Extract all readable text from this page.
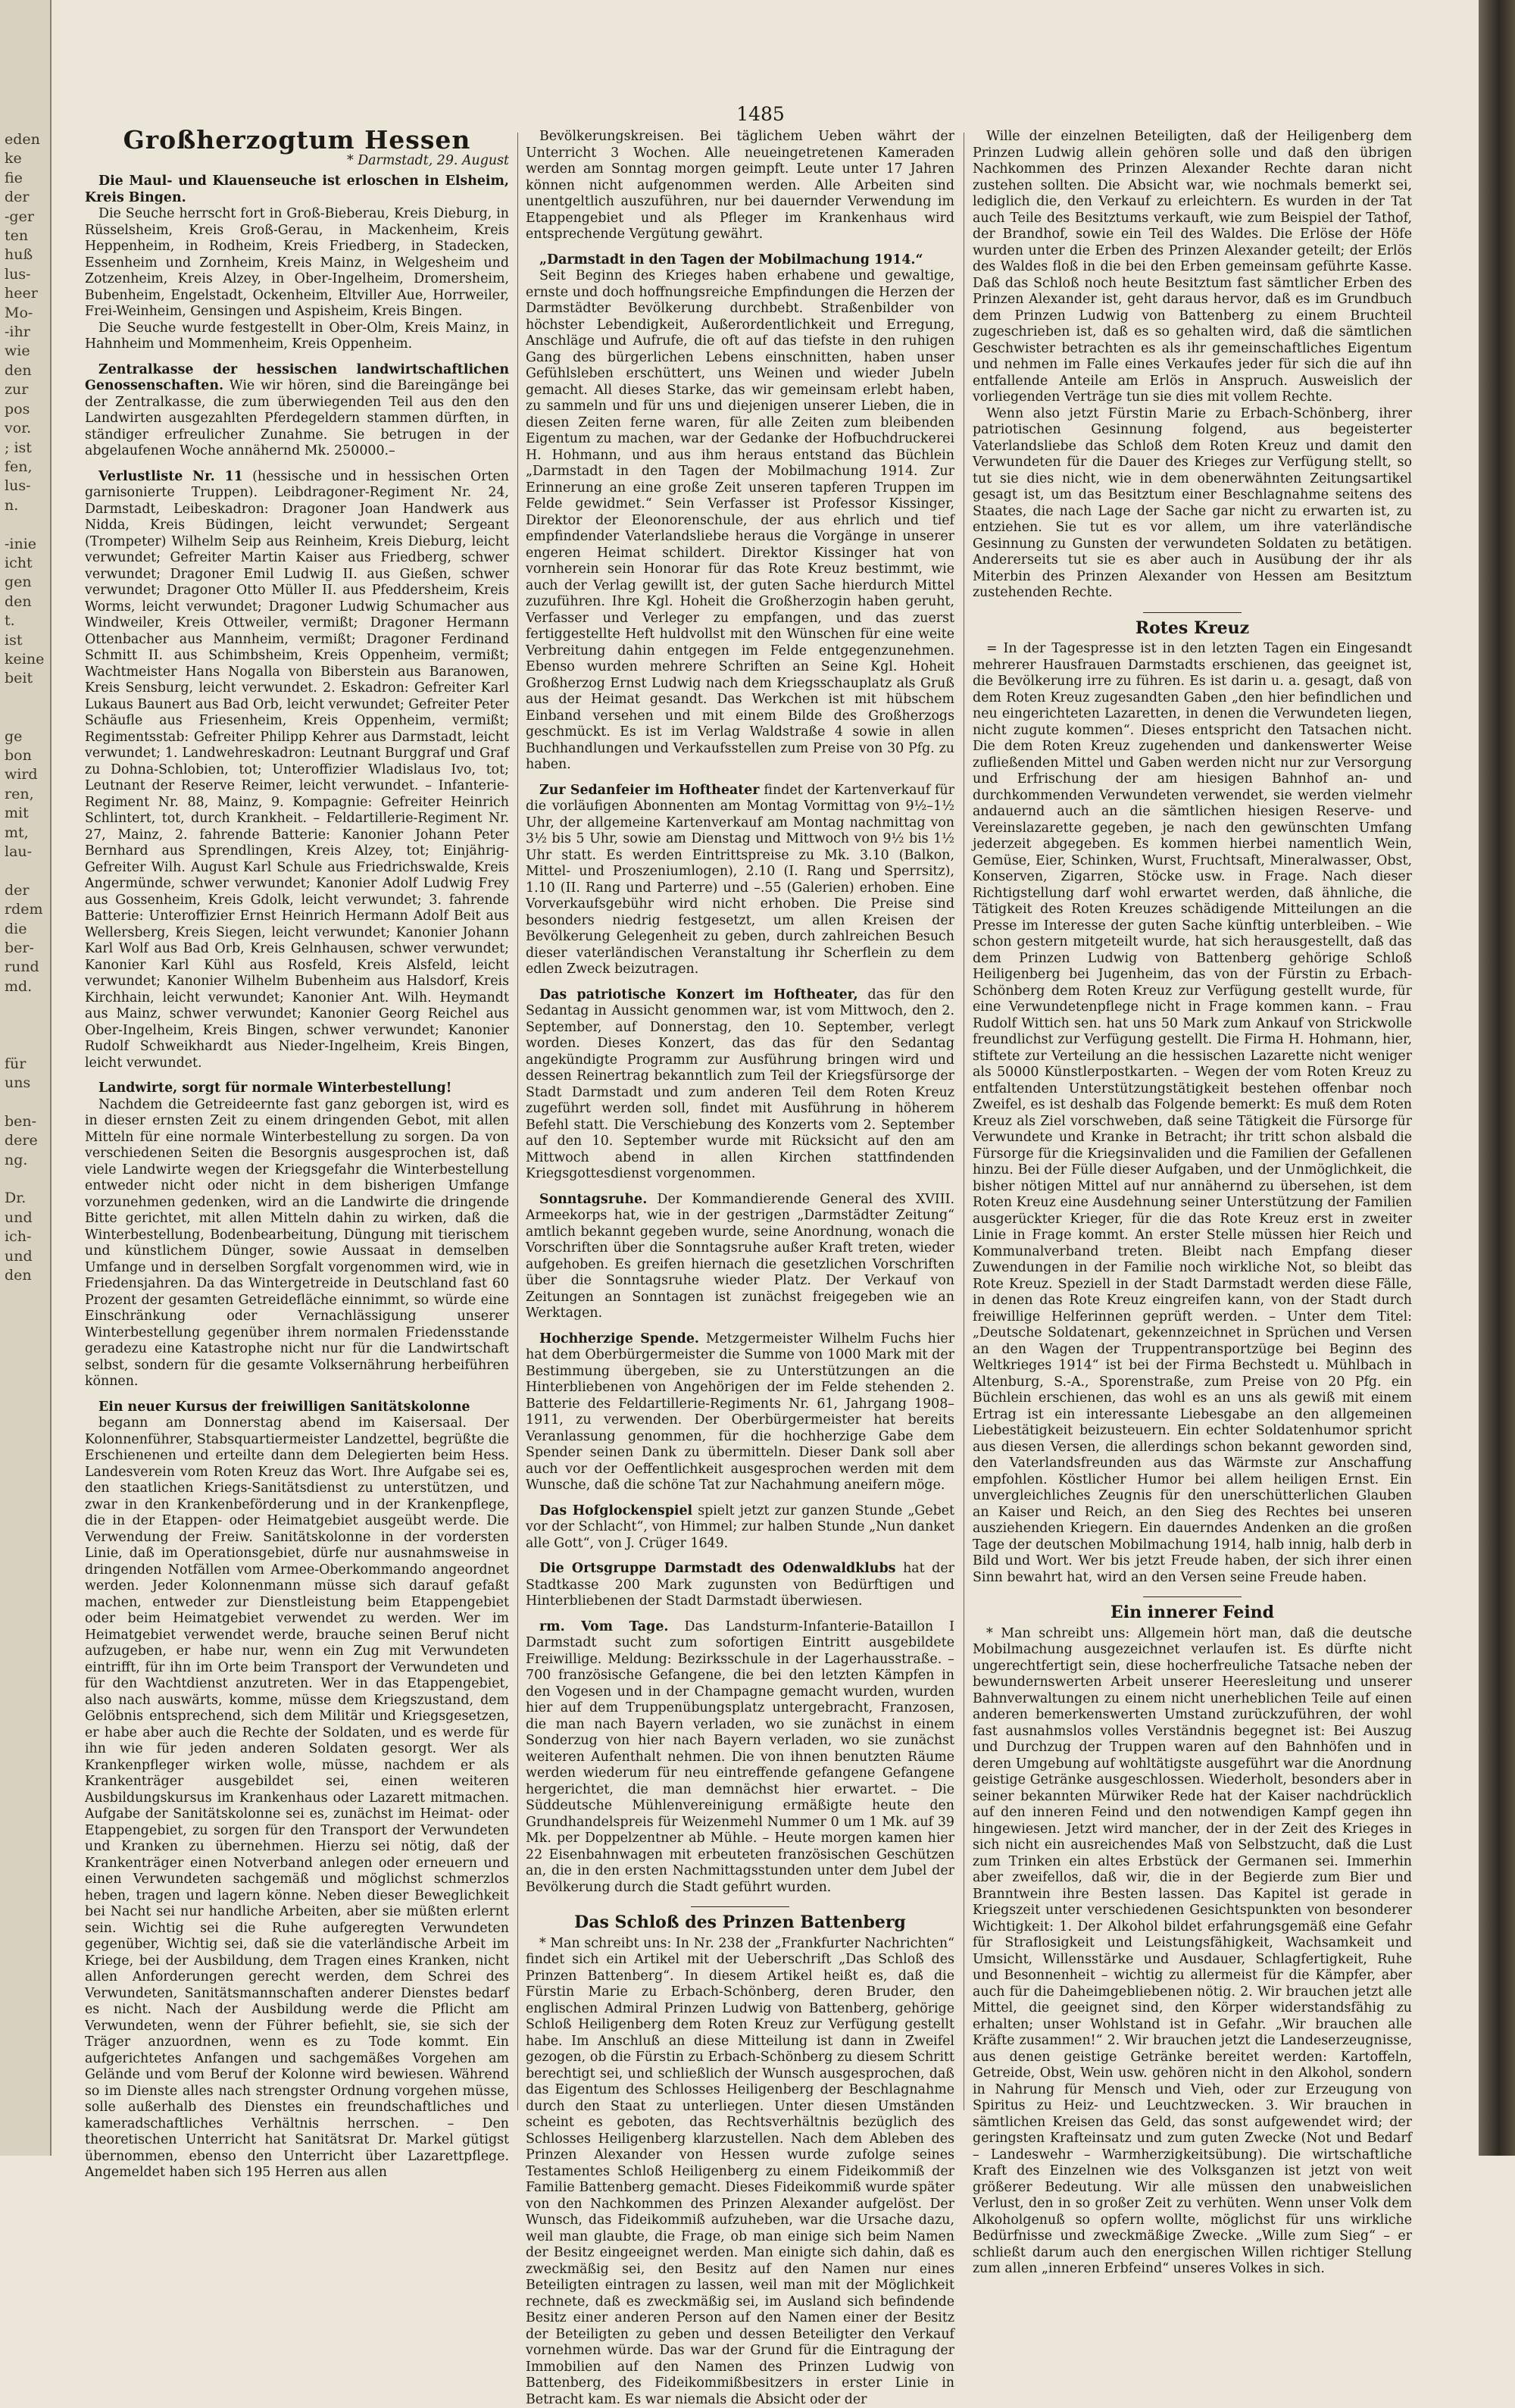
eden
ke
fie
der
-ger
ten
huß
lus-
heer
Mo-
-ihr
wie
den
zur
pos
vor.
; ist
fen,
lus-
n.

-inie
icht
gen
den
t.
ist
keine
beit

ge
bon
wird
ren,
mit
mt,
lau-

der
rdem
die
ber-
rund
md.

für
uns

ben-
dere
ng.

Dr.
und
ich-
und
den
1485
Großherzogtum Hessen
* Darmstadt, 29. August

Die Maul- und Klauenseuche ist erloschen in Elsheim, Kreis Bingen.

Die Seuche herrscht fort in Groß-Bieberau, Kreis Dieburg, in Rüsselsheim, Kreis Groß-Gerau, in Mackenheim, Kreis Heppenheim, in Rodheim, Kreis Friedberg, in Stadecken, Essenheim und Zornheim, Kreis Mainz, in Welgesheim und Zotzenheim, Kreis Alzey, in Ober-Ingelheim, Dromersheim, Bubenheim, Engelstadt, Ockenheim, Eltviller Aue, Horrweiler, Frei-Weinheim, Gensingen und Aspisheim, Kreis Bingen.

Die Seuche wurde festgestellt in Ober-Olm, Kreis Mainz, in Hahnheim und Mommenheim, Kreis Oppenheim.

Zentralkasse der hessischen landwirtschaftlichen Genossenschaften. Wie wir hören, sind die Bareingänge bei der Zentralkasse, die zum überwiegenden Teil aus den den Landwirten ausgezahlten Pferdegeldern stammen dürften, in ständiger erfreulicher Zunahme. Sie betrugen in der abgelaufenen Woche annähernd Mk. 250000.–

Verlustliste Nr. 11 (hessische und in hessischen Orten garnisonierte Truppen). Leibdragoner-Regiment Nr. 24, Darmstadt, Leibeskadron: Dragoner Joan Handwerk aus Nidda, Kreis Büdingen, leicht verwundet; Sergeant (Trompeter) Wilhelm Seip aus Reinheim, Kreis Dieburg, leicht verwundet; Gefreiter Martin Kaiser aus Friedberg, schwer verwundet; Dragoner Emil Ludwig II. aus Gießen, schwer verwundet; Dragoner Otto Müller II. aus Pfeddersheim, Kreis Worms, leicht verwundet; Dragoner Ludwig Schumacher aus Windweiler, Kreis Ottweiler, vermißt; Dragoner Hermann Ottenbacher aus Mannheim, vermißt; Dragoner Ferdinand Schmitt II. aus Schimbsheim, Kreis Oppenheim, vermißt; Wachtmeister Hans Nogalla von Biberstein aus Baranowen, Kreis Sensburg, leicht verwundet. 2. Eskadron: Gefreiter Karl Lukaus Baunert aus Bad Orb, leicht verwundet; Gefreiter Peter Schäufle aus Friesenheim, Kreis Oppenheim, vermißt; Regimentsstab: Gefreiter Philipp Kehrer aus Darmstadt, leicht verwundet; 1. Landwehreskadron: Leutnant Burggraf und Graf zu Dohna-Schlobien, tot; Unteroffizier Wladislaus Ivo, tot; Leutnant der Reserve Reimer, leicht verwundet. – Infanterie-Regiment Nr. 88, Mainz, 9. Kompagnie: Gefreiter Heinrich Schlintert, tot, durch Krankheit. – Feldartillerie-Regiment Nr. 27, Mainz, 2. fahrende Batterie: Kanonier Johann Peter Bernhard aus Sprendlingen, Kreis Alzey, tot; Einjährig-Gefreiter Wilh. August Karl Schule aus Friedrichswalde, Kreis Angermünde, schwer verwundet; Kanonier Adolf Ludwig Frey aus Gossenheim, Kreis Gdolk, leicht verwundet; 3. fahrende Batterie: Unteroffizier Ernst Heinrich Hermann Adolf Beit aus Wellersberg, Kreis Siegen, leicht verwundet; Kanonier Johann Karl Wolf aus Bad Orb, Kreis Gelnhausen, schwer verwundet; Kanonier Karl Kühl aus Rosfeld, Kreis Alsfeld, leicht verwundet; Kanonier Wilhelm Bubenheim aus Halsdorf, Kreis Kirchhain, leicht verwundet; Kanonier Ant. Wilh. Heymandt aus Mainz, schwer verwundet; Kanonier Georg Reichel aus Ober-Ingelheim, Kreis Bingen, schwer verwundet; Kanonier Rudolf Schweikhardt aus Nieder-Ingelheim, Kreis Bingen, leicht verwundet.

Landwirte, sorgt für normale Winterbestellung!

Nachdem die Getreideernte fast ganz geborgen ist, wird es in dieser ernsten Zeit zu einem dringenden Gebot, mit allen Mitteln für eine normale Winterbestellung zu sorgen. Da von verschiedenen Seiten die Besorgnis ausgesprochen ist, daß viele Landwirte wegen der Kriegsgefahr die Winterbestellung entweder nicht oder nicht in dem bisherigen Umfange vorzunehmen gedenken, wird an die Landwirte die dringende Bitte gerichtet, mit allen Mitteln dahin zu wirken, daß die Winterbestellung, Bodenbearbeitung, Düngung mit tierischem und künstlichem Dünger, sowie Aussaat in demselben Umfange und in derselben Sorgfalt vorgenommen wird, wie in Friedensjahren. Da das Wintergetreide in Deutschland fast 60 Prozent der gesamten Getreidefläche einnimmt, so würde eine Einschränkung oder Vernachlässigung unserer Winterbestellung gegenüber ihrem normalen Friedensstande geradezu eine Katastrophe nicht nur für die Landwirtschaft selbst, sondern für die gesamte Volksernährung herbeiführen können.

Ein neuer Kursus der freiwilligen Sanitätskolonne

begann am Donnerstag abend im Kaisersaal. Der Kolonnenführer, Stabsquartiermeister Landzettel, begrüßte die Erschienenen und erteilte dann dem Delegierten beim Hess. Landesverein vom Roten Kreuz das Wort. Ihre Aufgabe sei es, den staatlichen Kriegs-Sanitätsdienst zu unterstützen, und zwar in den Krankenbeförderung und in der Krankenpflege, die in der Etappen- oder Heimatgebiet ausgeübt werde. Die Verwendung der Freiw. Sanitätskolonne in der vordersten Linie, daß im Operationsgebiet, dürfe nur ausnahmsweise in dringenden Notfällen vom Armee-Oberkommando angeordnet werden. Jeder Kolonnenmann müsse sich darauf gefaßt machen, entweder zur Dienstleistung beim Etappengebiet oder beim Heimatgebiet verwendet zu werden. Wer im Heimatgebiet verwendet werde, brauche seinen Beruf nicht aufzugeben, er habe nur, wenn ein Zug mit Verwundeten eintrifft, für ihn im Orte beim Transport der Verwundeten und für den Wachtdienst anzutreten. Wer in das Etappengebiet, also nach auswärts, komme, müsse dem Kriegszustand, dem Gelöbnis entsprechend, sich dem Militär und Kriegsgesetzen, er habe aber auch die Rechte der Soldaten, und es werde für ihn wie für jeden anderen Soldaten gesorgt. Wer als Krankenpfleger wirken wolle, müsse, nachdem er als Krankenträger ausgebildet sei, einen weiteren Ausbildungskursus im Krankenhaus oder Lazarett mitmachen. Aufgabe der Sanitätskolonne sei es, zunächst im Heimat- oder Etappengebiet, zu sorgen für den Transport der Verwundeten und Kranken zu übernehmen. Hierzu sei nötig, daß der Krankenträger einen Notverband anlegen oder erneuern und einen Verwundeten sachgemäß und möglichst schmerzlos heben, tragen und lagern könne. Neben dieser Beweglichkeit bei Nacht sei nur handliche Arbeiten, aber sie müßten erlernt sein. Wichtig sei die Ruhe aufgeregten Verwundeten gegenüber, Wichtig sei, daß sie die vaterländische Arbeit im Kriege, bei der Ausbildung, dem Tragen eines Kranken, nicht allen Anforderungen gerecht werden, dem Schrei des Verwundeten, Sanitätsmannschaften anderer Dienstes bedarf es nicht. Nach der Ausbildung werde die Pflicht am Verwundeten, wenn der Führer befiehlt, sie, sie sich der Träger anzuordnen, wenn es zu Tode kommt. Ein aufgerichtetes Anfangen und sachgemäßes Vorgehen am Gelände und vom Beruf der Kolonne wird bewiesen. Während so im Dienste alles nach strengster Ordnung vorgehen müsse, solle außerhalb des Dienstes ein freundschaftliches und kameradschaftliches Verhältnis herrschen. – Den theoretischen Unterricht hat Sanitätsrat Dr. Markel gütigst übernommen, ebenso den Unterricht über Lazarettpflege. Angemeldet haben sich 195 Herren aus allen

Bevölkerungskreisen. Bei täglichem Ueben währt der Unterricht 3 Wochen. Alle neueingetretenen Kameraden werden am Sonntag morgen geimpft. Leute unter 17 Jahren können nicht aufgenommen werden. Alle Arbeiten sind unentgeltlich auszuführen, nur bei dauernder Verwendung im Etappengebiet und als Pfleger im Krankenhaus wird entsprechende Vergütung gewährt.

„Darmstadt in den Tagen der Mobilmachung 1914.“

Seit Beginn des Krieges haben erhabene und gewaltige, ernste und doch hoffnungsreiche Empfindungen die Herzen der Darmstädter Bevölkerung durchbebt. Straßenbilder von höchster Lebendigkeit, Außerordentlichkeit und Erregung, Anschläge und Aufrufe, die oft auf das tiefste in den ruhigen Gang des bürgerlichen Lebens einschnitten, haben unser Gefühlsleben erschüttert, uns Weinen und wieder Jubeln gemacht. All dieses Starke, das wir gemeinsam erlebt haben, zu sammeln und für uns und diejenigen unserer Lieben, die in diesen Zeiten ferne waren, für alle Zeiten zum bleibenden Eigentum zu machen, war der Gedanke der Hofbuchdruckerei H. Hohmann, und aus ihm heraus entstand das Büchlein „Darmstadt in den Tagen der Mobilmachung 1914. Zur Erinnerung an eine große Zeit unseren tapferen Truppen im Felde gewidmet.“ Sein Verfasser ist Professor Kissinger, Direktor der Eleonorenschule, der aus ehrlich und tief empfindender Vaterlandsliebe heraus die Vorgänge in unserer engeren Heimat schildert. Direktor Kissinger hat von vornherein sein Honorar für das Rote Kreuz bestimmt, wie auch der Verlag gewillt ist, der guten Sache hierdurch Mittel zuzuführen. Ihre Kgl. Hoheit die Großherzogin haben geruht, Verfasser und Verleger zu empfangen, und das zuerst fertiggestellte Heft huldvollst mit den Wünschen für eine weite Verbreitung dahin entgegen im Felde entgegenzunehmen. Ebenso wurden mehrere Schriften an Seine Kgl. Hoheit Großherzog Ernst Ludwig nach dem Kriegsschauplatz als Gruß aus der Heimat gesandt. Das Werkchen ist mit hübschem Einband versehen und mit einem Bilde des Großherzogs geschmückt. Es ist im Verlag Waldstraße 4 sowie in allen Buchhandlungen und Verkaufsstellen zum Preise von 30 Pfg. zu haben.

Zur Sedanfeier im Hoftheater findet der Kartenverkauf für die vorläufigen Abonnenten am Montag Vormittag von 9½–1½ Uhr, der allgemeine Kartenverkauf am Montag nachmittag von 3½ bis 5 Uhr, sowie am Dienstag und Mittwoch von 9½ bis 1½ Uhr statt. Es werden Eintrittspreise zu Mk. 3.10 (Balkon, Mittel- und Proszeniumlogen), 2.10 (I. Rang und Sperrsitz), 1.10 (II. Rang und Parterre) und –.55 (Galerien) erhoben. Eine Vorverkaufsgebühr wird nicht erhoben. Die Preise sind besonders niedrig festgesetzt, um allen Kreisen der Bevölkerung Gelegenheit zu geben, durch zahlreichen Besuch dieser vaterländischen Veranstaltung ihr Scherflein zu dem edlen Zweck beizutragen.

Das patriotische Konzert im Hoftheater, das für den Sedantag in Aussicht genommen war, ist vom Mittwoch, den 2. September, auf Donnerstag, den 10. September, verlegt worden. Dieses Konzert, das das für den Sedantag angekündigte Programm zur Ausführung bringen wird und dessen Reinertrag bekanntlich zum Teil der Kriegsfürsorge der Stadt Darmstadt und zum anderen Teil dem Roten Kreuz zugeführt werden soll, findet mit Ausführung in höherem Befehl statt. Die Verschiebung des Konzerts vom 2. September auf den 10. September wurde mit Rücksicht auf den am Mittwoch abend in allen Kirchen stattfindenden Kriegsgottesdienst vorgenommen.

Sonntagsruhe. Der Kommandierende General des XVIII. Armeekorps hat, wie in der gestrigen „Darmstädter Zeitung“ amtlich bekannt gegeben wurde, seine Anordnung, wonach die Vorschriften über die Sonntagsruhe außer Kraft treten, wieder aufgehoben. Es greifen hiernach die gesetzlichen Vorschriften über die Sonntagsruhe wieder Platz. Der Verkauf von Zeitungen an Sonntagen ist zunächst freigegeben wie an Werktagen.

Hochherzige Spende. Metzgermeister Wilhelm Fuchs hier hat dem Oberbürgermeister die Summe von 1000 Mark mit der Bestimmung übergeben, sie zu Unterstützungen an die Hinterbliebenen von Angehörigen der im Felde stehenden 2. Batterie des Feldartillerie-Regiments Nr. 61, Jahrgang 1908–1911, zu verwenden. Der Oberbürgermeister hat bereits Veranlassung genommen, für die hochherzige Gabe dem Spender seinen Dank zu übermitteln. Dieser Dank soll aber auch vor der Oeffentlichkeit ausgesprochen werden mit dem Wunsche, daß die schöne Tat zur Nachahmung aneifern möge.

Das Hofglockenspiel spielt jetzt zur ganzen Stunde „Gebet vor der Schlacht“, von Himmel; zur halben Stunde „Nun danket alle Gott“, von J. Crüger 1649.

Die Ortsgruppe Darmstadt des Odenwaldklubs hat der Stadtkasse 200 Mark zugunsten von Bedürftigen und Hinterbliebenen der Stadt Darmstadt überwiesen.

rm. Vom Tage. Das Landsturm-Infanterie-Bataillon I Darmstadt sucht zum sofortigen Eintritt ausgebildete Freiwillige. Meldung: Bezirksschule in der Lagerhausstraße. – 700 französische Gefangene, die bei den letzten Kämpfen in den Vogesen und in der Champagne gemacht wurden, wurden hier auf dem Truppenübungsplatz untergebracht, Franzosen, die man nach Bayern verladen, wo sie zunächst in einem Sonderzug von hier nach Bayern verladen, wo sie zunächst weiteren Aufenthalt nehmen. Die von ihnen benutzten Räume werden wiederum für neu eintreffende gefangene Gefangene hergerichtet, die man demnächst hier erwartet. – Die Süddeutsche Mühlenvereinigung ermäßigte heute den Grundhandelspreis für Weizenmehl Nummer 0 um 1 Mk. auf 39 Mk. per Doppelzentner ab Mühle. – Heute morgen kamen hier 22 Eisenbahnwagen mit erbeuteten französischen Geschützen an, die in den ersten Nachmittagsstunden unter dem Jubel der Bevölkerung durch die Stadt geführt wurden.

Das Schloß des Prinzen Battenberg

* Man schreibt uns: In Nr. 238 der „Frankfurter Nachrichten“ findet sich ein Artikel mit der Ueberschrift „Das Schloß des Prinzen Battenberg“. In diesem Artikel heißt es, daß die Fürstin Marie zu Erbach-Schönberg, deren Bruder, den englischen Admiral Prinzen Ludwig von Battenberg, gehörige Schloß Heiligenberg dem Roten Kreuz zur Verfügung gestellt habe. Im Anschluß an diese Mitteilung ist dann in Zweifel gezogen, ob die Fürstin zu Erbach-Schönberg zu diesem Schritt berechtigt sei, und schließlich der Wunsch ausgesprochen, daß das Eigentum des Schlosses Heiligenberg der Beschlagnahme durch den Staat zu unterliegen. Unter diesen Umständen scheint es geboten, das Rechtsverhältnis bezüglich des Schlosses Heiligenberg klarzustellen. Nach dem Ableben des Prinzen Alexander von Hessen wurde zufolge seines Testamentes Schloß Heiligenberg zu einem Fideikommiß der Familie Battenberg gemacht. Dieses Fideikommiß wurde später von den Nachkommen des Prinzen Alexander aufgelöst. Der Wunsch, das Fideikommiß aufzuheben, war die Ursache dazu, weil man glaubte, die Frage, ob man einige sich beim Namen der Besitz eingeeignet werden. Man einigte sich dahin, daß es zweckmäßig sei, den Besitz auf den Namen nur eines Beteiligten eintragen zu lassen, weil man mit der Möglichkeit rechnete, daß es zweckmäßig sei, im Ausland sich befindende Besitz einer anderen Person auf den Namen einer der Besitz der Beteiligten zu geben und dessen Beteiligter den Verkauf vornehmen würde. Das war der Grund für die Eintragung der Immobilien auf den Namen des Prinzen Ludwig von Battenberg, des Fideikommißbesitzers in erster Linie in Betracht kam. Es war niemals die Absicht oder der

Wille der einzelnen Beteiligten, daß der Heiligenberg dem Prinzen Ludwig allein gehören solle und daß den übrigen Nachkommen des Prinzen Alexander Rechte daran nicht zustehen sollten. Die Absicht war, wie nochmals bemerkt sei, lediglich die, den Verkauf zu erleichtern. Es wurden in der Tat auch Teile des Besitztums verkauft, wie zum Beispiel der Tathof, der Brandhof, sowie ein Teil des Waldes. Die Erlöse der Höfe wurden unter die Erben des Prinzen Alexander geteilt; der Erlös des Waldes floß in die bei den Erben gemeinsam geführte Kasse. Daß das Schloß noch heute Besitztum fast sämtlicher Erben des Prinzen Alexander ist, geht daraus hervor, daß es im Grundbuch dem Prinzen Ludwig von Battenberg zu einem Bruchteil zugeschrieben ist, daß es so gehalten wird, daß die sämtlichen Geschwister betrachten es als ihr gemeinschaftliches Eigentum und nehmen im Falle eines Verkaufes jeder für sich die auf ihn entfallende Anteile am Erlös in Anspruch. Ausweislich der vorliegenden Verträge tun sie dies mit vollem Rechte.

Wenn also jetzt Fürstin Marie zu Erbach-Schönberg, ihrer patriotischen Gesinnung folgend, aus begeisterter Vaterlandsliebe das Schloß dem Roten Kreuz und damit den Verwundeten für die Dauer des Krieges zur Verfügung stellt, so tut sie dies nicht, wie in dem obenerwähnten Zeitungsartikel gesagt ist, um das Besitztum einer Beschlagnahme seitens des Staates, die nach Lage der Sache gar nicht zu erwarten ist, zu entziehen. Sie tut es vor allem, um ihre vaterländische Gesinnung zu Gunsten der verwundeten Soldaten zu betätigen. Andererseits tut sie es aber auch in Ausübung der ihr als Miterbin des Prinzen Alexander von Hessen am Besitztum zustehenden Rechte.

Rotes Kreuz

= In der Tagespresse ist in den letzten Tagen ein Eingesandt mehrerer Hausfrauen Darmstadts erschienen, das geeignet ist, die Bevölkerung irre zu führen. Es ist darin u. a. gesagt, daß von dem Roten Kreuz zugesandten Gaben „den hier befindlichen und neu eingerichteten Lazaretten, in denen die Verwundeten liegen, nicht zugute kommen“. Dieses entspricht den Tatsachen nicht. Die dem Roten Kreuz zugehenden und dankenswerter Weise zufließenden Mittel und Gaben werden nicht nur zur Versorgung und Erfrischung der am hiesigen Bahnhof an- und durchkommenden Verwundeten verwendet, sie werden vielmehr andauernd auch an die sämtlichen hiesigen Reserve- und Vereinslazarette gegeben, je nach den gewünschten Umfang jederzeit abgegeben. Es kommen hierbei namentlich Wein, Gemüse, Eier, Schinken, Wurst, Fruchtsaft, Mineralwasser, Obst, Konserven, Zigarren, Stöcke usw. in Frage. Nach dieser Richtigstellung darf wohl erwartet werden, daß ähnliche, die Tätigkeit des Roten Kreuzes schädigende Mitteilungen an die Presse im Interesse der guten Sache künftig unterbleiben. – Wie schon gestern mitgeteilt wurde, hat sich herausgestellt, daß das dem Prinzen Ludwig von Battenberg gehörige Schloß Heiligenberg bei Jugenheim, das von der Fürstin zu Erbach-Schönberg dem Roten Kreuz zur Verfügung gestellt wurde, für eine Verwundetenpflege nicht in Frage kommen kann. – Frau Rudolf Wittich sen. hat uns 50 Mark zum Ankauf von Strickwolle freundlichst zur Verfügung gestellt. Die Firma H. Hohmann, hier, stiftete zur Verteilung an die hessischen Lazarette nicht weniger als 50000 Künstlerpostkarten. – Wegen der vom Roten Kreuz zu entfaltenden Unterstützungstätigkeit bestehen offenbar noch Zweifel, es ist deshalb das Folgende bemerkt: Es muß dem Roten Kreuz als Ziel vorschweben, daß seine Tätigkeit die Fürsorge für Verwundete und Kranke in Betracht; ihr tritt schon alsbald die Fürsorge für die Kriegsinvaliden und die Familien der Gefallenen hinzu. Bei der Fülle dieser Aufgaben, und der Unmöglichkeit, die bisher nötigen Mittel auf nur annähernd zu übersehen, ist dem Roten Kreuz eine Ausdehnung seiner Unterstützung der Familien ausgerückter Krieger, für die das Rote Kreuz erst in zweiter Linie in Frage kommt. An erster Stelle müssen hier Reich und Kommunalverband treten. Bleibt nach Empfang dieser Zuwendungen in der Familie noch wirkliche Not, so bleibt das Rote Kreuz. Speziell in der Stadt Darmstadt werden diese Fälle, in denen das Rote Kreuz eingreifen kann, von der Stadt durch freiwillige Helferinnen geprüft werden. – Unter dem Titel: „Deutsche Soldatenart, gekennzeichnet in Sprüchen und Versen an den Wagen der Truppentransportzüge bei Beginn des Weltkrieges 1914“ ist bei der Firma Bechstedt u. Mühlbach in Altenburg, S.-A., Sporenstraße, zum Preise von 20 Pfg. ein Büchlein erschienen, das wohl es an uns als gewiß mit einem Ertrag ist ein interessante Liebesgabe an den allgemeinen Liebestätigkeit beizusteuern. Ein echter Soldatenhumor spricht aus diesen Versen, die allerdings schon bekannt geworden sind, den Vaterlandsfreunden aus das Wärmste zur Anschaffung empfohlen. Köstlicher Humor bei allem heiligen Ernst. Ein unvergleichliches Zeugnis für den unerschütterlichen Glauben an Kaiser und Reich, an den Sieg des Rechtes bei unseren ausziehenden Kriegern. Ein dauerndes Andenken an die großen Tage der deutschen Mobilmachung 1914, halb innig, halb derb in Bild und Wort. Wer bis jetzt Freude haben, der sich ihrer einen Sinn bewahrt hat, wird an den Versen seine Freude haben.

Ein innerer Feind

* Man schreibt uns: Allgemein hört man, daß die deutsche Mobilmachung ausgezeichnet verlaufen ist. Es dürfte nicht ungerechtfertigt sein, diese hocherfreuliche Tatsache neben der bewundernswerten Arbeit unserer Heeresleitung und unserer Bahnverwaltungen zu einem nicht unerheblichen Teile auf einen anderen bemerkenswerten Umstand zurückzuführen, der wohl fast ausnahmslos volles Verständnis begegnet ist: Bei Auszug und Durchzug der Truppen waren auf den Bahnhöfen und in deren Umgebung auf wohltätigste ausgeführt war die Anordnung geistige Getränke ausgeschlossen. Wiederholt, besonders aber in seiner bekannten Mürwiker Rede hat der Kaiser nachdrücklich auf den inneren Feind und den notwendigen Kampf gegen ihn hingewiesen. Jetzt wird mancher, der in der Zeit des Krieges in sich nicht ein ausreichendes Maß von Selbstzucht, daß die Lust zum Trinken ein altes Erbstück der Germanen sei. Immerhin aber zweifellos, daß wir, die in der Begierde zum Bier und Branntwein ihre Besten lassen. Das Kapitel ist gerade in Kriegszeit unter verschiedenen Gesichtspunkten von besonderer Wichtigkeit: 1. Der Alkohol bildet erfahrungsgemäß eine Gefahr für Straflosigkeit und Leistungsfähigkeit, Wachsamkeit und Umsicht, Willensstärke und Ausdauer, Schlagfertigkeit, Ruhe und Besonnenheit – wichtig zu allermeist für die Kämpfer, aber auch für die Daheimgebliebenen nötig. 2. Wir brauchen jetzt alle Mittel, die geeignet sind, den Körper widerstandsfähig zu erhalten; unser Wohlstand ist in Gefahr. „Wir brauchen alle Kräfte zusammen!“ 2. Wir brauchen jetzt die Landeserzeugnisse, aus denen geistige Getränke bereitet werden: Kartoffeln, Getreide, Obst, Wein usw. gehören nicht in den Alkohol, sondern in Nahrung für Mensch und Vieh, oder zur Erzeugung von Spiritus zu Heiz- und Leuchtzwecken. 3. Wir brauchen in sämtlichen Kreisen das Geld, das sonst aufgewendet wird; der geringsten Krafteinsatz und zum guten Zwecke (Not und Bedarf – Landeswehr – Warmherzigkeitsübung). Die wirtschaftliche Kraft des Einzelnen wie des Volksganzen ist jetzt von weit größerer Bedeutung. Wir alle müssen den unabweislichen Verlust, den in so großer Zeit zu verhüten. Wenn unser Volk dem Alkoholgenuß so opfern wollte, möglichst für uns wirkliche Bedürfnisse und zweckmäßige Zwecke. „Wille zum Sieg“ – er schließt darum auch den energischen Willen richtiger Stellung zum allen „inneren Erbfeind“ unseres Volkes in sich.
